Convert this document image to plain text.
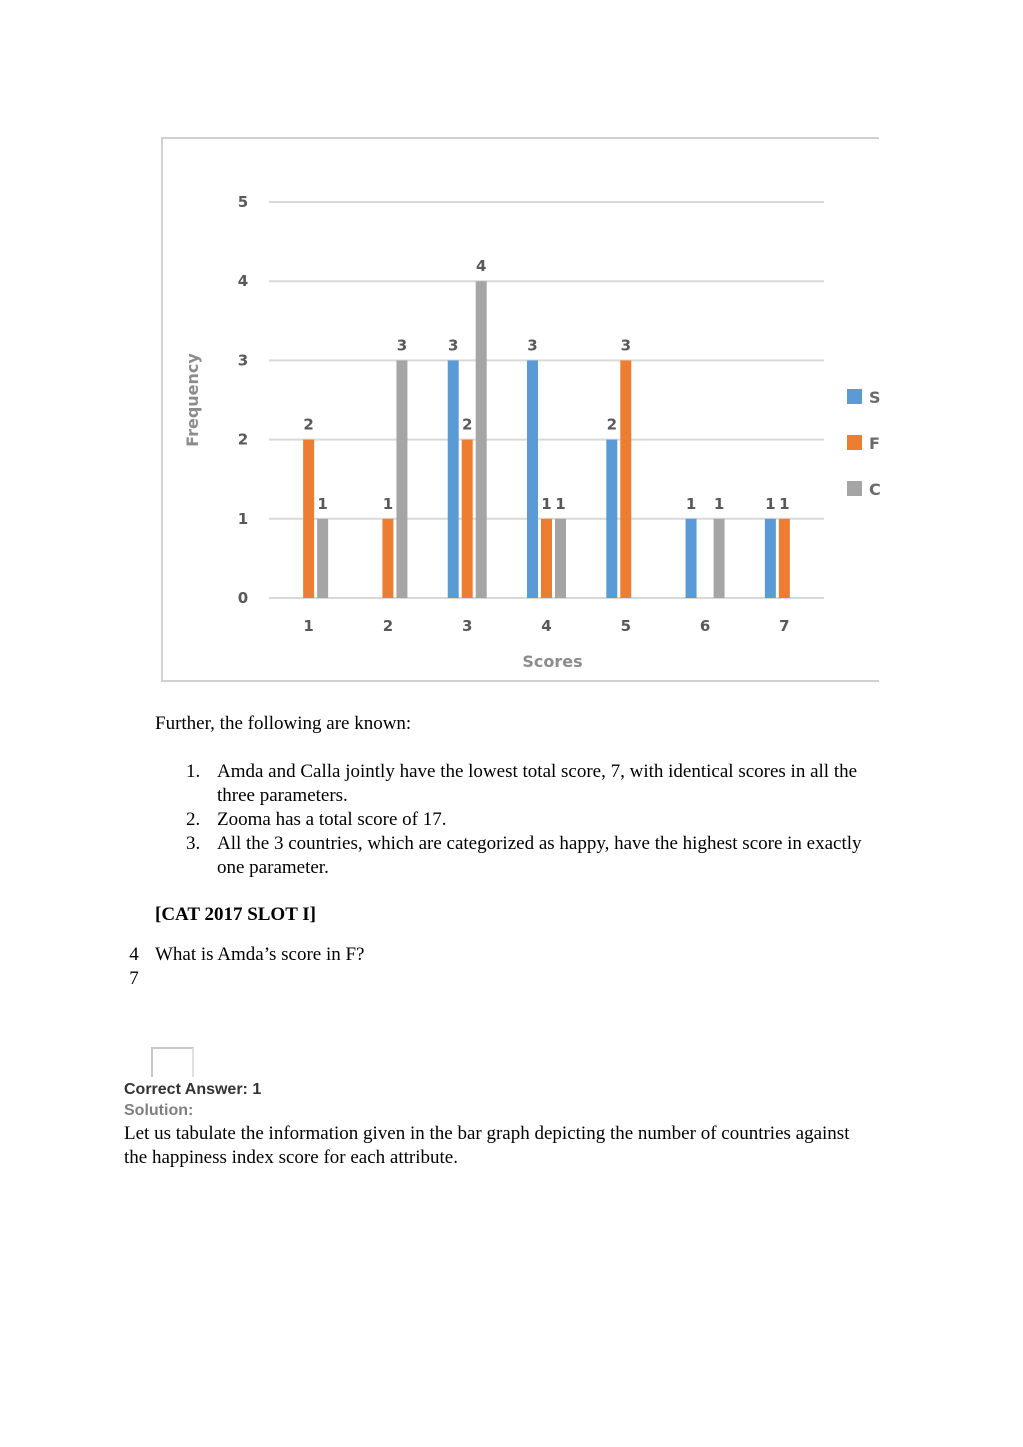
0
1
2
3
4
5
2
1
1
1
3
2
3
2
4
3
3
1 1
4
2
3
5
1 1
6
1 1
7
Scores
Frequency	S
F
C
Further, the following are known:
1. Amda and Calla jointly have the lowest total score, 7, with identical scores in all the three parameters.
2. Zooma has a total score of 17.
3. All the 3 countries, which are categorized as happy, have the highest score in exactly one parameter.
[CAT 2017 SLOT I]
4 7
What is Amda’s score in F?
Correct Answer: 1
Solution:
Let us tabulate the information given in the bar graph depicting the number of countries against the happiness index score for each attribute.
